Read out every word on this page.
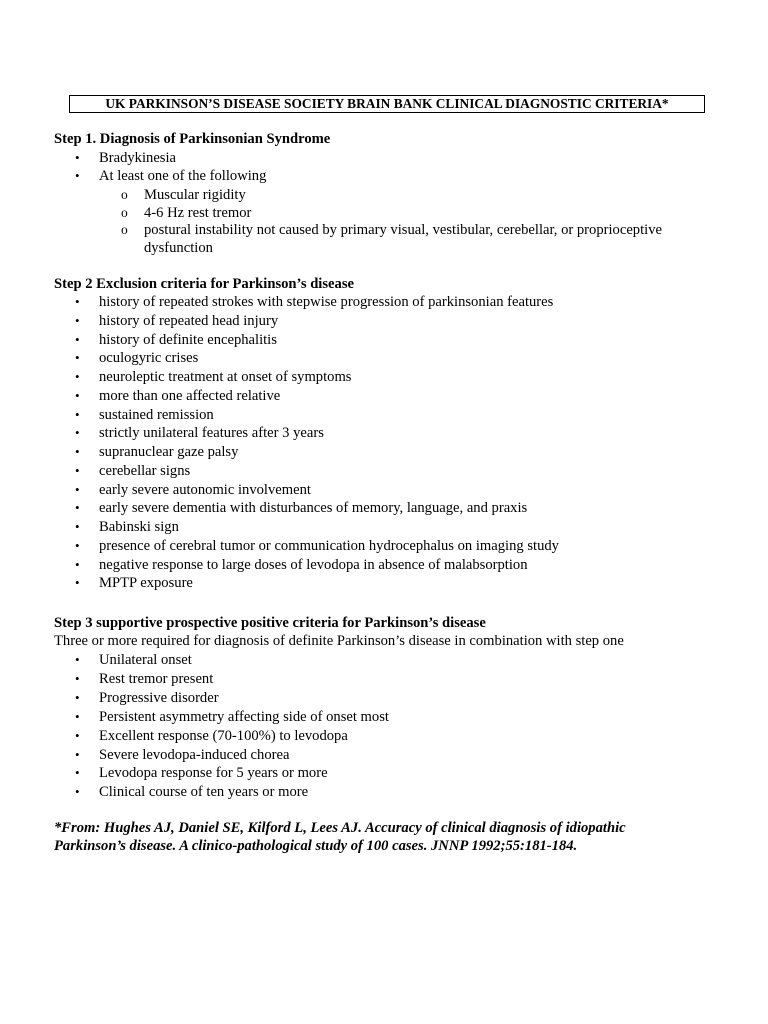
UK PARKINSON’S DISEASE SOCIETY BRAIN BANK CLINICAL DIAGNOSTIC CRITERIA*
Step 1. Diagnosis of Parkinsonian Syndrome
• Bradykinesia
• At least one of the following
o Muscular rigidity
o 4-6 Hz rest tremor
o postural instability not caused by primary visual, vestibular, cerebellar, or proprioceptive
dysfunction
Step 2 Exclusion criteria for Parkinson’s disease
• history of repeated strokes with stepwise progression of parkinsonian features
• history of repeated head injury
• history of definite encephalitis
• oculogyric crises
• neuroleptic treatment at onset of symptoms
• more than one affected relative
• sustained remission
• strictly unilateral features after 3 years
• supranuclear gaze palsy
• cerebellar signs
• early severe autonomic involvement
• early severe dementia with disturbances of memory, language, and praxis
• Babinski sign
• presence of cerebral tumor or communication hydrocephalus on imaging study
• negative response to large doses of levodopa in absence of malabsorption
• MPTP exposure
Step 3 supportive prospective positive criteria for Parkinson’s disease
Three or more required for diagnosis of definite Parkinson’s disease in combination with step one
• Unilateral onset
• Rest tremor present
• Progressive disorder
• Persistent asymmetry affecting side of onset most
• Excellent response (70-100%) to levodopa
• Severe levodopa-induced chorea
• Levodopa response for 5 years or more
• Clinical course of ten years or more
*From: Hughes AJ, Daniel SE, Kilford L, Lees AJ. Accuracy of clinical diagnosis of idiopathic
Parkinson’s disease. A clinico-pathological study of 100 cases. JNNP 1992;55:181-184.
